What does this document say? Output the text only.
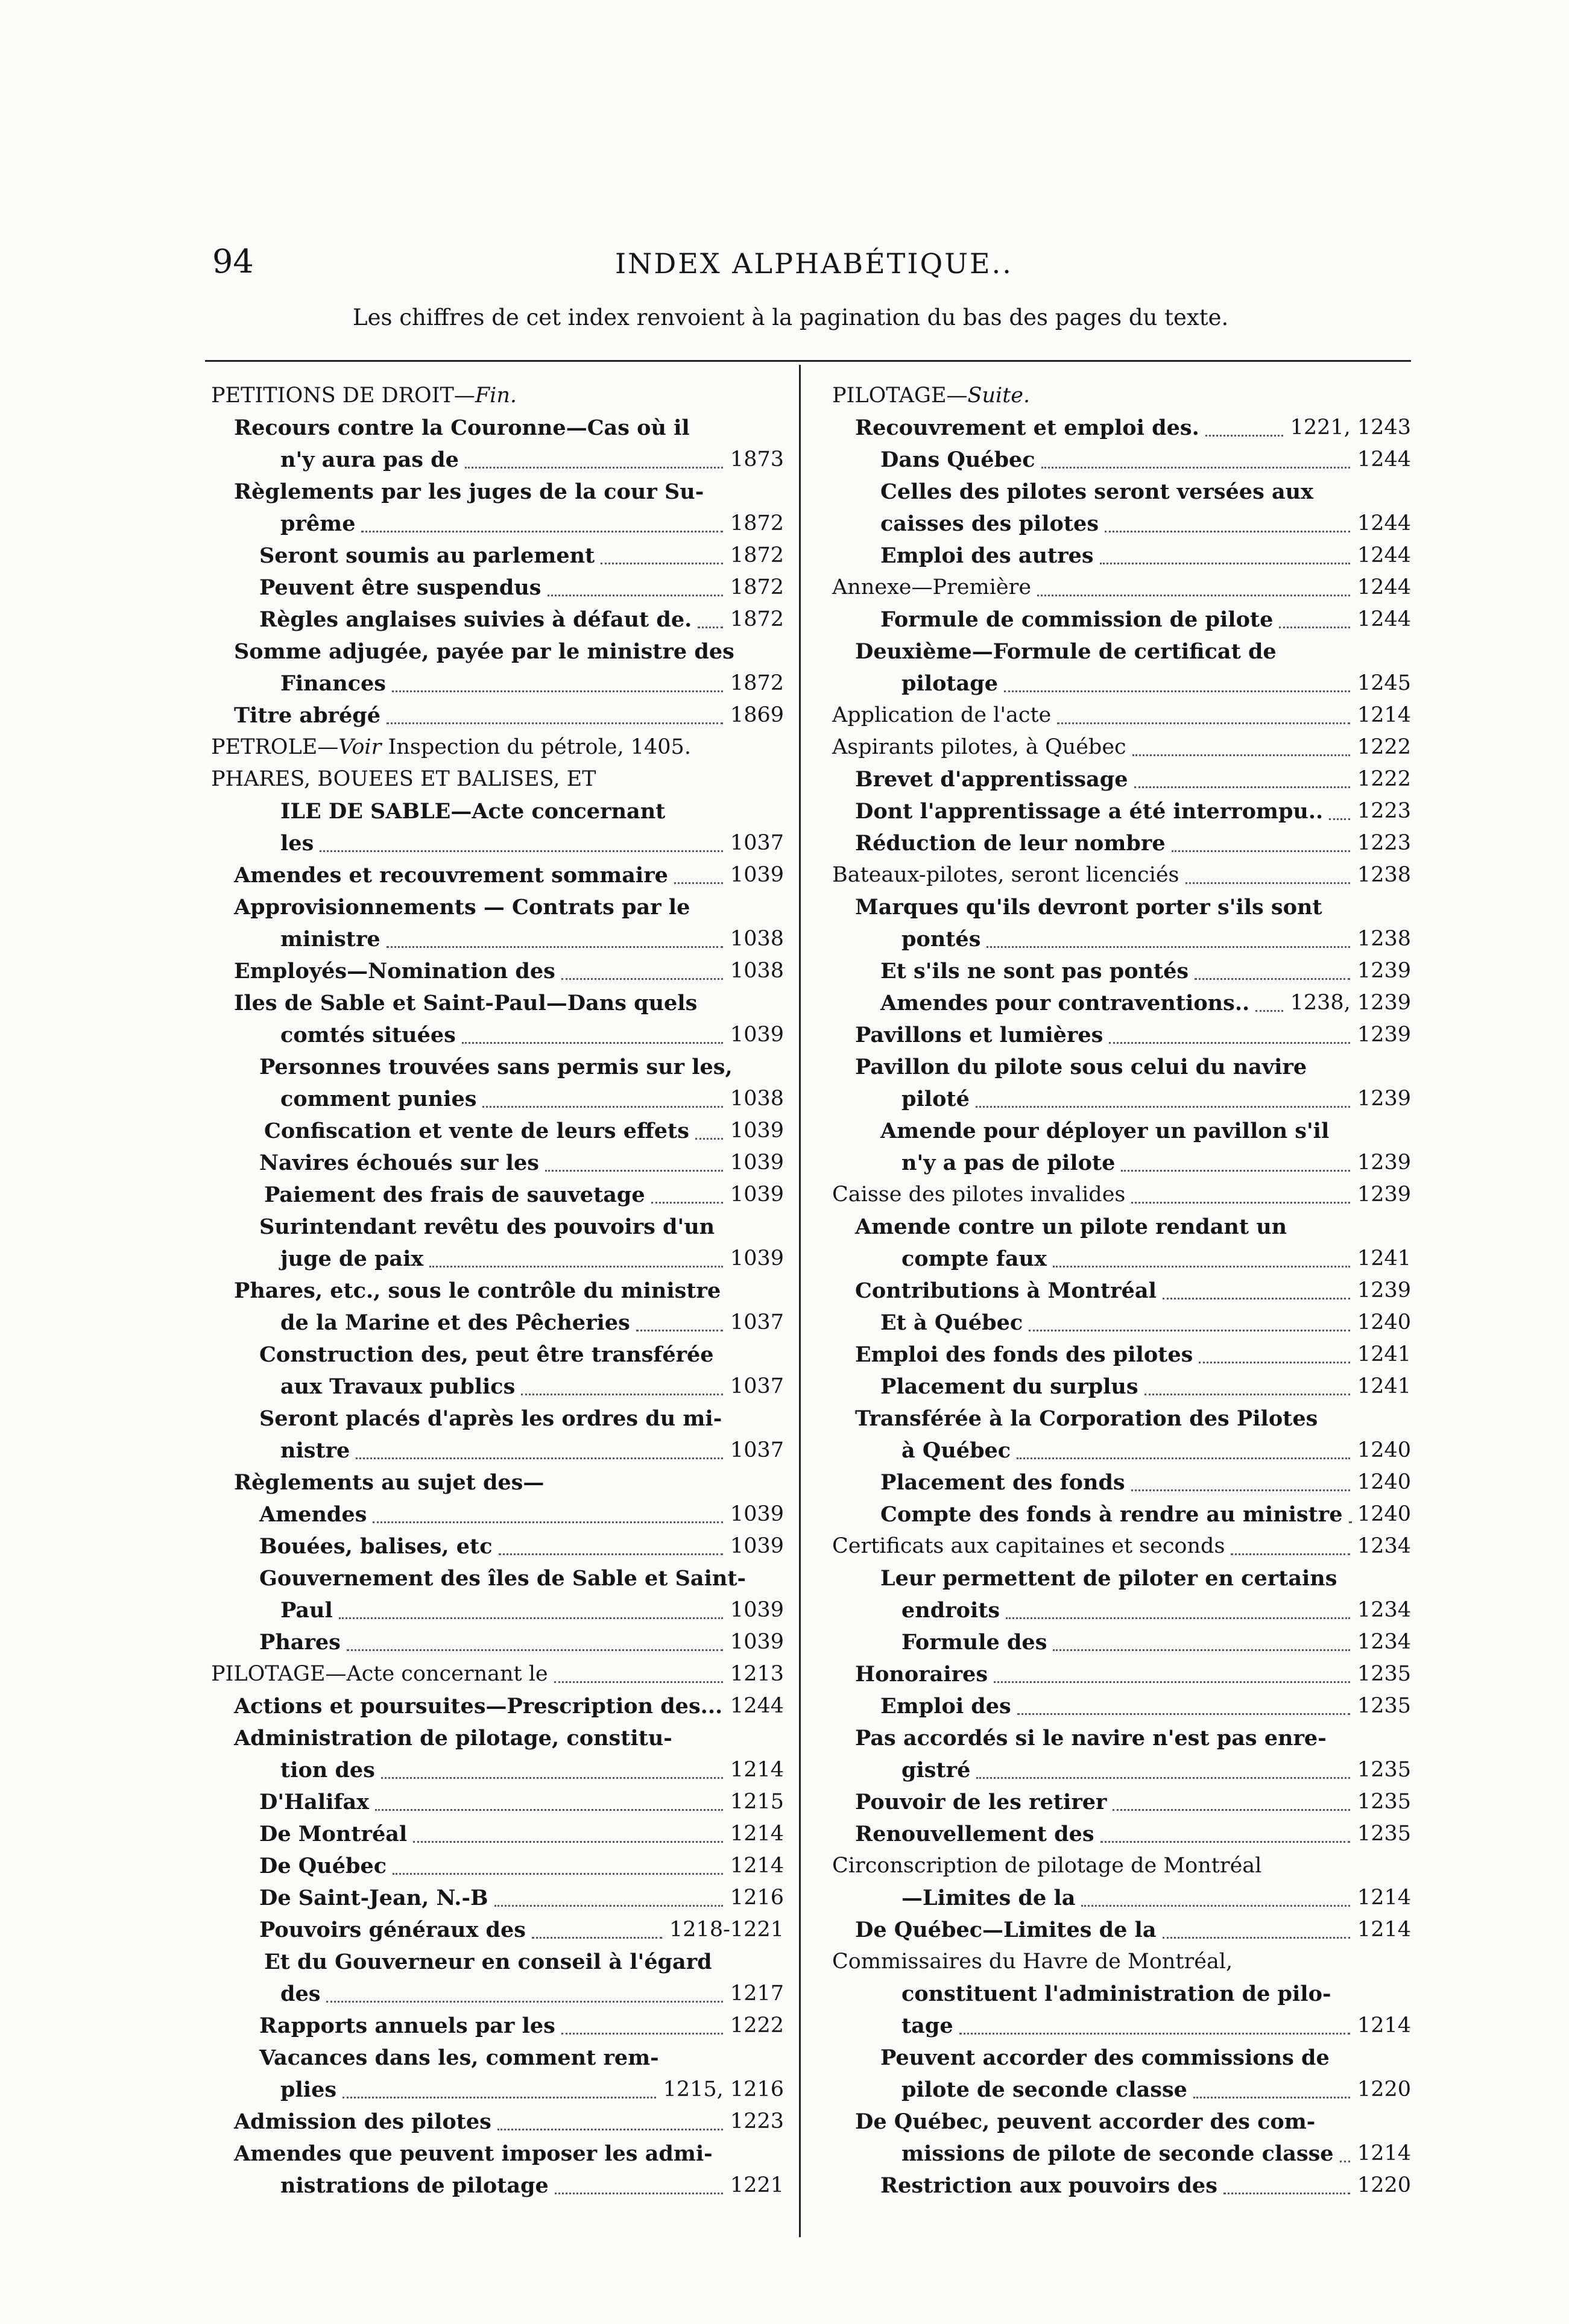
94	INDEX ALPHABÉTIQUE..
Les chiffres de cet index renvoient à la pagination du bas des pages du texte.
PETITIONS DE DROIT—Fin.
Recours contre la Couronne—Cas où il
n'y aura pas de	1873
Règlements par les juges de la cour Su-
prême	1872
Seront soumis au parlement	1872
Peuvent être suspendus	1872
Règles anglaises suivies à défaut de. 1872
Somme adjugée, payée par le ministre des
Finances	1872
Titre abrégé	1869
PETROLE—Voir Inspection du pétrole, 1405.
PHARES, BOUEES ET BALISES, ET
ILE DE SABLE—Acte concernant
les	1037
Amendes et recouvrement sommaire	1039
Approvisionnements — Contrats par le
ministre	1038
Employés—Nomination des	1038
Iles de Sable et Saint-Paul—Dans quels
comtés situées	1039
Personnes trouvées sans permis sur les,
comment punies	1038
Confiscation et vente de leurs effets 1039
Navires échoués sur les	1039
Paiement des frais de sauvetage	1039
Surintendant revêtu des pouvoirs d'un
juge de paix	1039
Phares, etc., sous le contrôle du ministre
de la Marine et des Pêcheries	1037
Construction des, peut être transférée
aux Travaux publics	1037
Seront placés d'après les ordres du mi-
nistre	1037
Règlements au sujet des—
Amendes	1039
Bouées, balises, etc	1039
Gouvernement des îles de Sable et Saint-
Paul	1039
Phares	1039
PILOTAGE—Acte concernant le	1213
Actions et poursuites—Prescription des... 1244
Administration de pilotage, constitu-
tion des	1214
D'Halifax	1215
De Montréal	1214
De Québec	1214
De Saint-Jean, N.-B	1216
Pouvoirs généraux des	1218-1221
Et du Gouverneur en conseil à l'égard
des	1217
Rapports annuels par les	1222
Vacances dans les, comment rem-
plies	1215, 1216
Admission des pilotes	1223
Amendes que peuvent imposer les admi-
nistrations de pilotage	1221
PILOTAGE—Suite.
Recouvrement et emploi des.	1221, 1243
Dans Québec	1244
Celles des pilotes seront versées aux
caisses des pilotes	1244
Emploi des autres	1244
Annexe—Première	1244
Formule de commission de pilote	1244
Deuxième—Formule de certificat de
pilotage	1245
Application de l'acte	1214
Aspirants pilotes, à Québec	1222
Brevet d'apprentissage	1222
Dont l'apprentissage a été interrompu.. 1223
Réduction de leur nombre	1223
Bateaux-pilotes, seront licenciés	1238
Marques qu'ils devront porter s'ils sont
pontés	1238
Et s'ils ne sont pas pontés	1239
Amendes pour contraventions.. 1238, 1239
Pavillons et lumières	1239
Pavillon du pilote sous celui du navire
piloté	1239
Amende pour déployer un pavillon s'il
n'y a pas de pilote	1239
Caisse des pilotes invalides	1239
Amende contre un pilote rendant un
compte faux	1241
Contributions à Montréal	1239
Et à Québec	1240
Emploi des fonds des pilotes	1241
Placement du surplus	1241
Transférée à la Corporation des Pilotes
à Québec	1240
Placement des fonds	1240
Compte des fonds à rendre au ministre 1240
Certificats aux capitaines et seconds	1234
Leur permettent de piloter en certains
endroits	1234
Formule des	1234
Honoraires	1235
Emploi des	1235
Pas accordés si le navire n'est pas enre-
gistré	1235
Pouvoir de les retirer	1235
Renouvellement des	1235
Circonscription de pilotage de Montréal
—Limites de la	1214
De Québec—Limites de la	1214
Commissaires du Havre de Montréal,
constituent l'administration de pilo-
tage	1214
Peuvent accorder des commissions de
pilote de seconde classe	1220
De Québec, peuvent accorder des com-
missions de pilote de seconde classe 1214
Restriction aux pouvoirs des	1220
